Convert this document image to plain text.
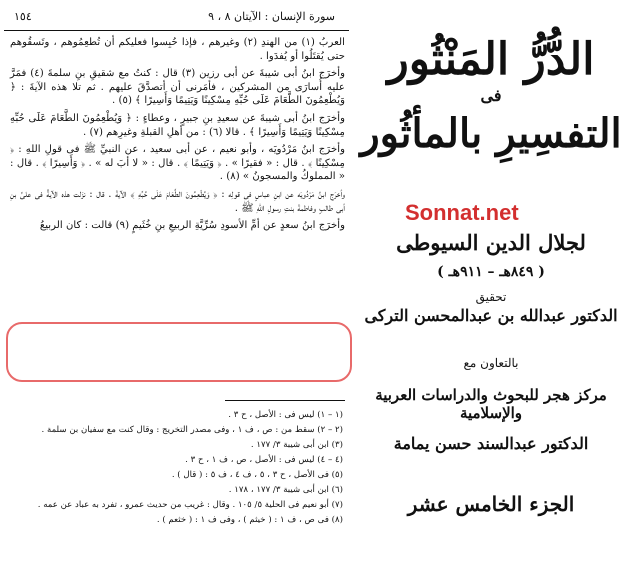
١٥٤	سورة الإنسان : الآيتان ٨ ، ٩

العربُ (١) من الهندِ (٢) وغيرهم ، فإذا حُبِسوا فعليكم أن تُطعِمُوهم ، وتَسقُوهم حتى يُقتَلُوا أو يُفدَوا .

وأخرَج ابنُ أبى شيبةَ عن أبى رزين (٣) قال : كنتُ مع شقيقِ بنِ سلمةَ (٤) فمَرَّ عليه أُسارَى من المشركين ، فأمَرنى أن أتصدَّقَ عليهم . ثم تلا هذه الآيةَ : ﴿ وَيُطْعِمُونَ الطَّعَامَ عَلَى حُبِّهِ مِسْكِينًا وَيَتِيمًا وَأَسِيرًا ﴾ (٥) .

وأخرَج ابنُ أبى شيبةَ عن سعيدِ بنِ جبيرٍ ، وعطاءٍ : ﴿ وَيُطْعِمُونَ الطَّعَامَ عَلَى حُبِّهِ مِسْكِينًا وَيَتِيمًا وَأَسِيرًا ﴾ . قالا (٦) : من أهلِ القبلةِ وغيرِهم (٧) .

وأخرَج ابنُ مَرْدُويَه ، وأبو نعيم ، عن أبى سعيد ، عن النبيِّ ﷺ فى قولِ اللهِ : ﴿ مِسْكِينًا ﴾ . قال : « فقيرًا » . ﴿ وَيَتِيمًا ﴾ . قال : « لا أبَ له » . ﴿ وَأَسِيرًا ﴾ . قال : « المملوكُ والمسجونُ » (٨) .

وأخرَج ابنُ مَرْدُويَه عن ابنِ عباسٍ فى قولِه : ﴿ وَيُطْعِمُونَ الطَّعَامَ عَلَى حُبِّهِ ﴾ الآيةَ . قال : نزَلت هذه الآيةُ فى علىِّ بنِ أبى طالبٍ وفاطمةَ بنتِ رسولِ اللهِ ﷺ .

وأخرَج ابنُ سعدٍ عن أمِّ الأسودِ سُرِّيَّةِ الربيعِ بنِ خُثَيمٍ (٩) قالت : كان الربيعُ

(١ – ١) ليس فى : الأصل ، ح ٣ .
(٢ – ٢) سقط من : ص ، ف ١ ، وفى مصدر التخريج : وقال كنت مع سفيان بن سلمة .
(٣) ابن أبى شيبة ٣/ ١٧٧ .
(٤ – ٤) ليس فى : الأصل ، ص ، ف ١ ، ح ٣ .
(٥) فى الأصل ، ح ٣ ، ٥ ، ف ٤ ، ف ٥ : ( قال ) .
(٦) ابن أبى شيبة ٣/ ١٧٧ ، ١٧٨ .
(٧) أبو نعيم فى الحلية ٥/ ١٠٥ . وقال : غريب من حديث عمرو ، تفرد به عباد عن عمه .
(٨) فى ص ، ف ١ : ( خيثم ) ، وفى ف ١ : ( خثعم ) .
الدُّرُّ المَنْثُور
فى
التفسِيرِ بالمأثُور
Sonnat.net
لجلال الدين السيوطى
( ٨٤٩هـ – ٩١١هـ )
تحقيق
الدكتور عبدالله بن عبدالمحسن التركى
بالتعاون مع
مركز هجر للبحوث والدراسات العربية والإسلامية
الدكتور عبدالسند حسن يمامة
الجزء الخامس عشر
